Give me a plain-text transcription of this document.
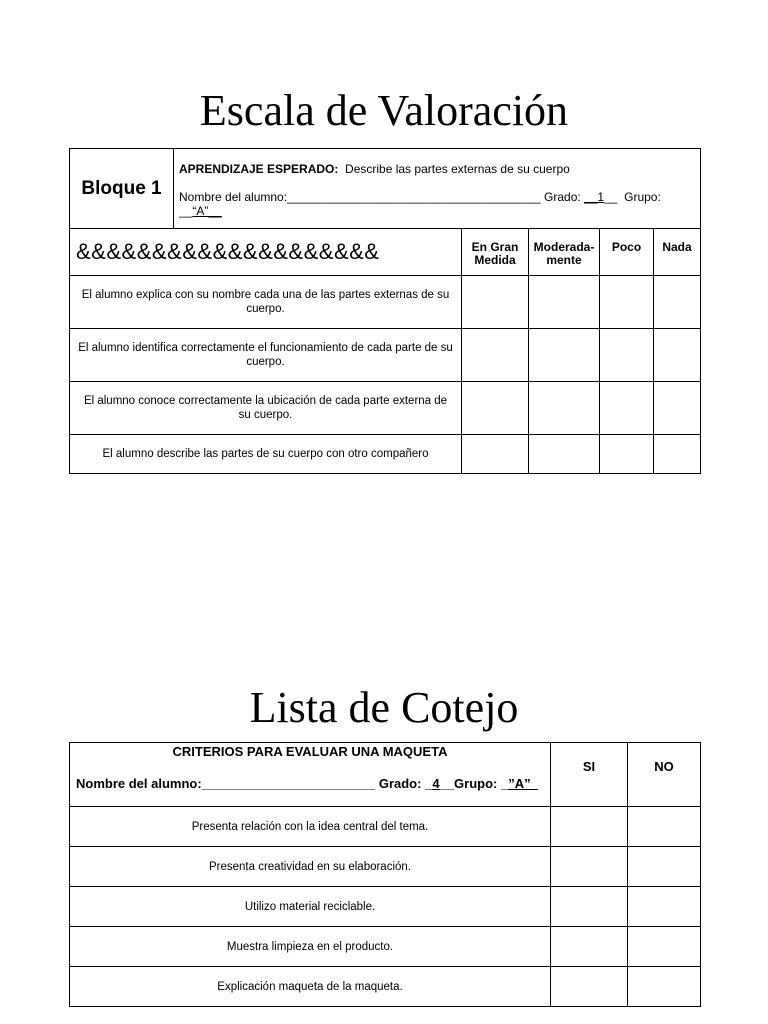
Escala de Valoración
Bloque 1	APRENDIZAJE ESPERADO: Describe las partes externas de su cuerpo
Nombre del alumno:______________________________________ Grado: __1__ Grupo: __“A”__				

&&&&&&&&&&&&&&&&&&&&		En Gran Medida	Moderada-mente	Poco	Nada
El alumno explica con su nombre cada una de las partes externas de su cuerpo.					
El alumno identifica correctamente el funcionamiento de cada parte de su cuerpo.					
El alumno conoce correctamente la ubicación de cada parte externa de su cuerpo.					
El alumno describe las partes de su cuerpo con otro compañero					
Lista de Cotejo
CRITERIOS PARA EVALUAR UNA MAQUETA
Nombre del alumno:________________________ Grado: _4__Grupo: _”A”_	SI	NO
Presenta relación con la idea central del tema.		
Presenta creatividad en su elaboración.		
Utilizo material reciclable.		
Muestra limpieza en el producto.		
Explicación maqueta de la maqueta.		
